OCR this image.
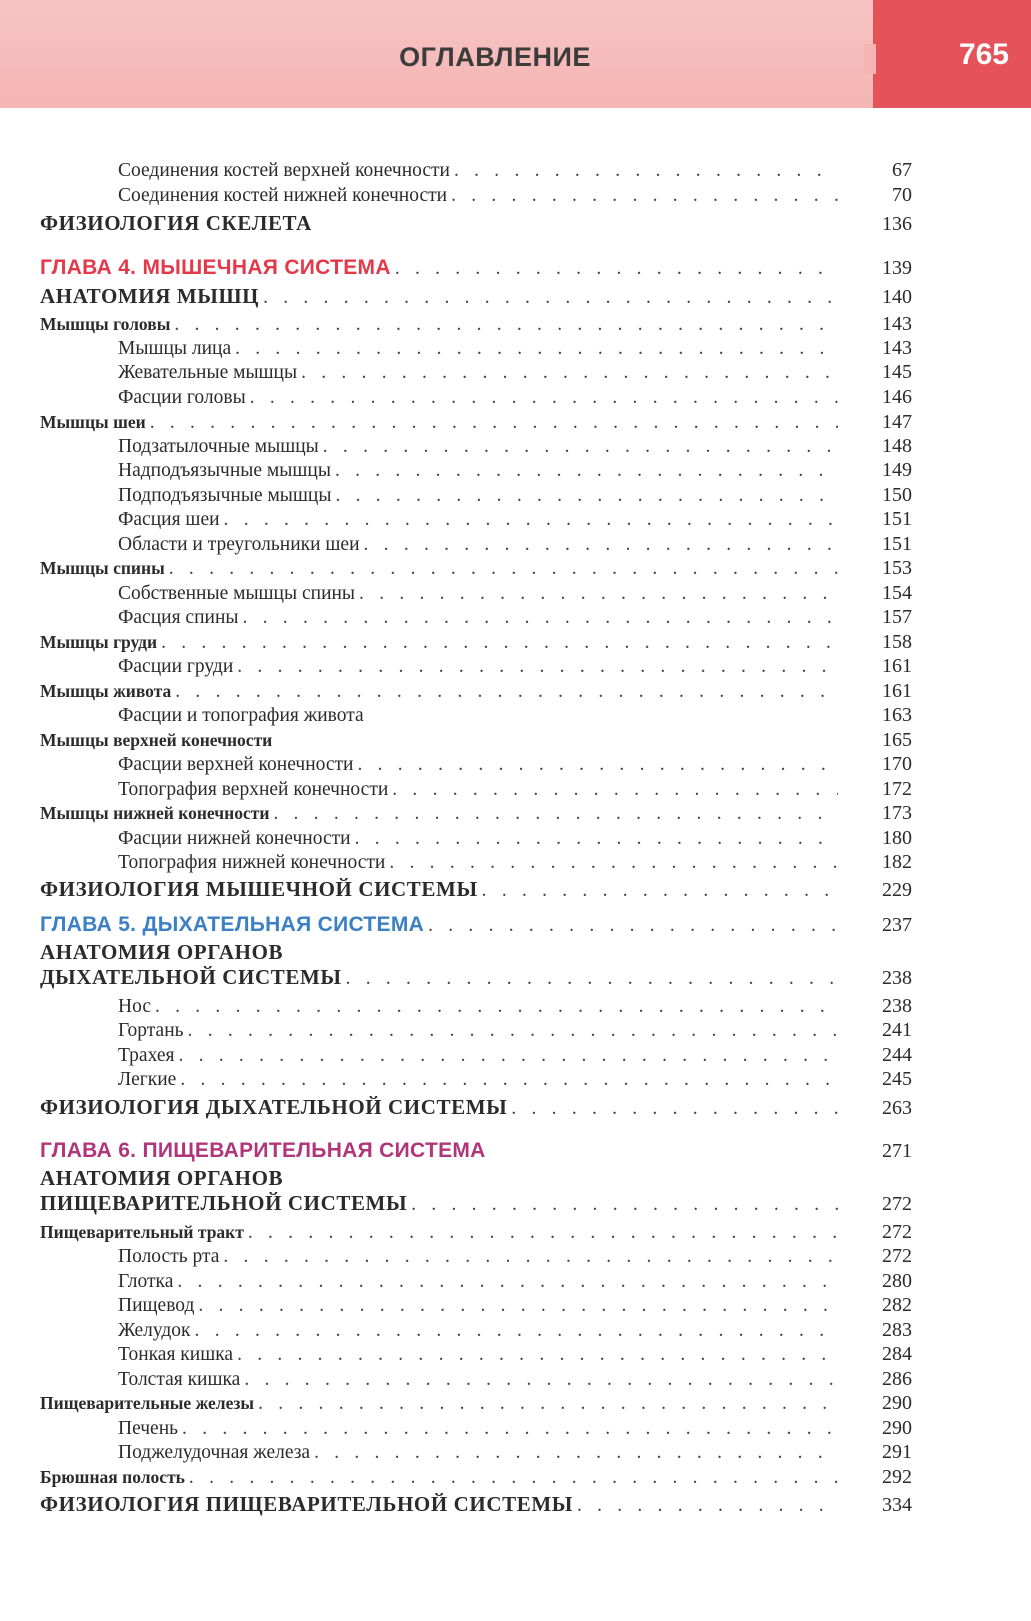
ОГЛАВЛЕНИЕ	765
Соединения костей верхней конечности . . .	67
Соединения костей нижней конечности . . .	70
ФИЗИОЛОГИЯ СКЕЛЕТА	136
ГЛАВА 4. МЫШЕЧНАЯ СИСТЕМА . . .	139
АНАТОМИЯ МЫШЦ . . .	140
Мышцы головы . . .	143
Мышцы лица . . .	143
Жевательные мышцы . . .	145
Фасции головы . . .	146
Мышцы шеи . . .	147
Подзатылочные мышцы . . .	148
Надподъязычные мышцы . . .	149
Подподъязычные мышцы . . .	150
Фасция шеи . . .	151
Области и треугольники шеи . . .	151
Мышцы спины . . .	153
Собственные мышцы спины . . .	154
Фасция спины . . .	157
Мышцы груди . . .	158
Фасции груди . . .	161
Мышцы живота . . .	161
Фасции и топография живота	163
Мышцы верхней конечности	165
Фасции верхней конечности . . .	170
Топография верхней конечности . . .	172
Мышцы нижней конечности . . .	173
Фасции нижней конечности . . .	180
Топография нижней конечности . . .	182
ФИЗИОЛОГИЯ МЫШЕЧНОЙ СИСТЕМЫ . . .	229
ГЛАВА 5. ДЫХАТЕЛЬНАЯ СИСТЕМА . . .	237
АНАТОМИЯ ОРГАНОВ
ДЫХАТЕЛЬНОЙ СИСТЕМЫ . . .	238
Нос . . .	238
Гортань . . .	241
Трахея . . .	244
Легкие . . .	245
ФИЗИОЛОГИЯ ДЫХАТЕЛЬНОЙ СИСТЕМЫ . . .	263
ГЛАВА 6. ПИЩЕВАРИТЕЛЬНАЯ СИСТЕМА	271
АНАТОМИЯ ОРГАНОВ
ПИЩЕВАРИТЕЛЬНОЙ СИСТЕМЫ . . .	272
Пищеварительный тракт . . .	272
Полость рта . . .	272
Глотка . . .	280
Пищевод . . .	282
Желудок . . .	283
Тонкая кишка . . .	284
Толстая кишка . . .	286
Пищеварительные железы . . .	290
Печень . . .	290
Поджелудочная железа . . .	291
Брюшная полость . . .	292
ФИЗИОЛОГИЯ ПИЩЕВАРИТЕЛЬНОЙ СИСТЕМЫ . . .	334
